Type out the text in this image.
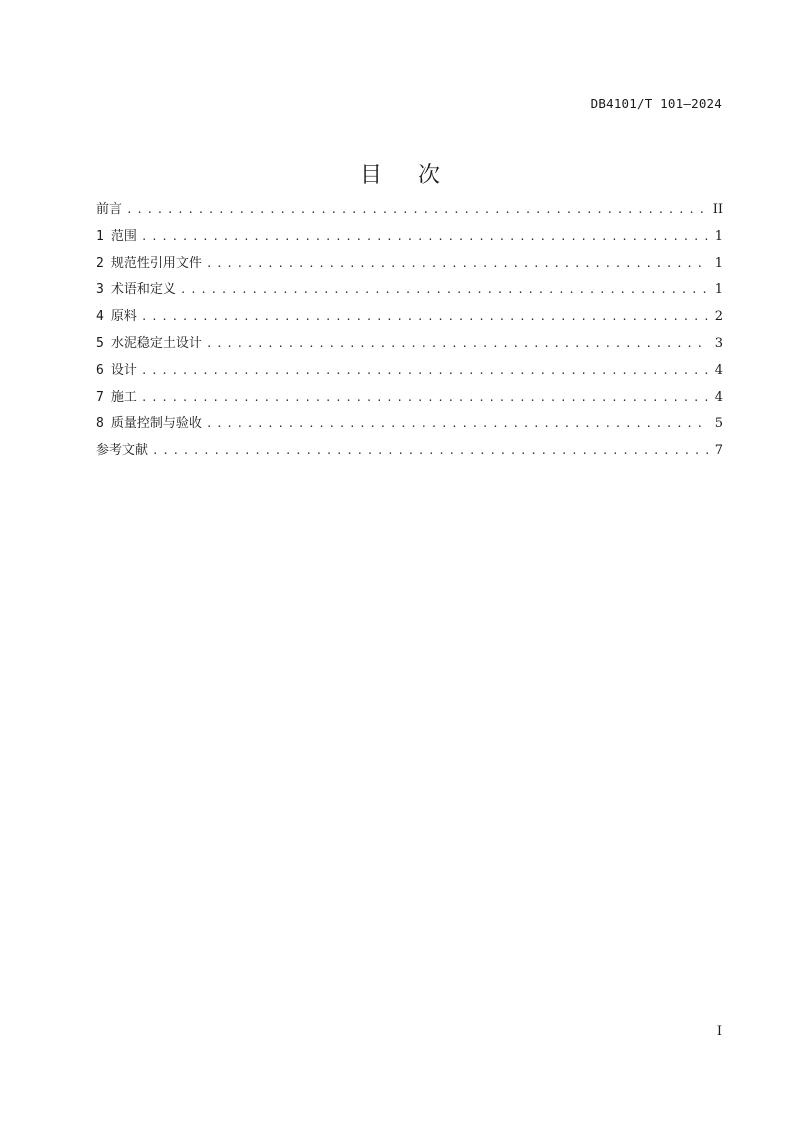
DB4101/T 101—2024
目次
前言 .....	II
1 范围 .....	1
2 规范性引用文件 .....	1
3 术语和定义 .....	1
4 原料 .....	2
5 水泥稳定土设计 .....	3
6 设计 .....	4
7 施工 .....	4
8 质量控制与验收 .....	5
参考文献 .....	7
I
